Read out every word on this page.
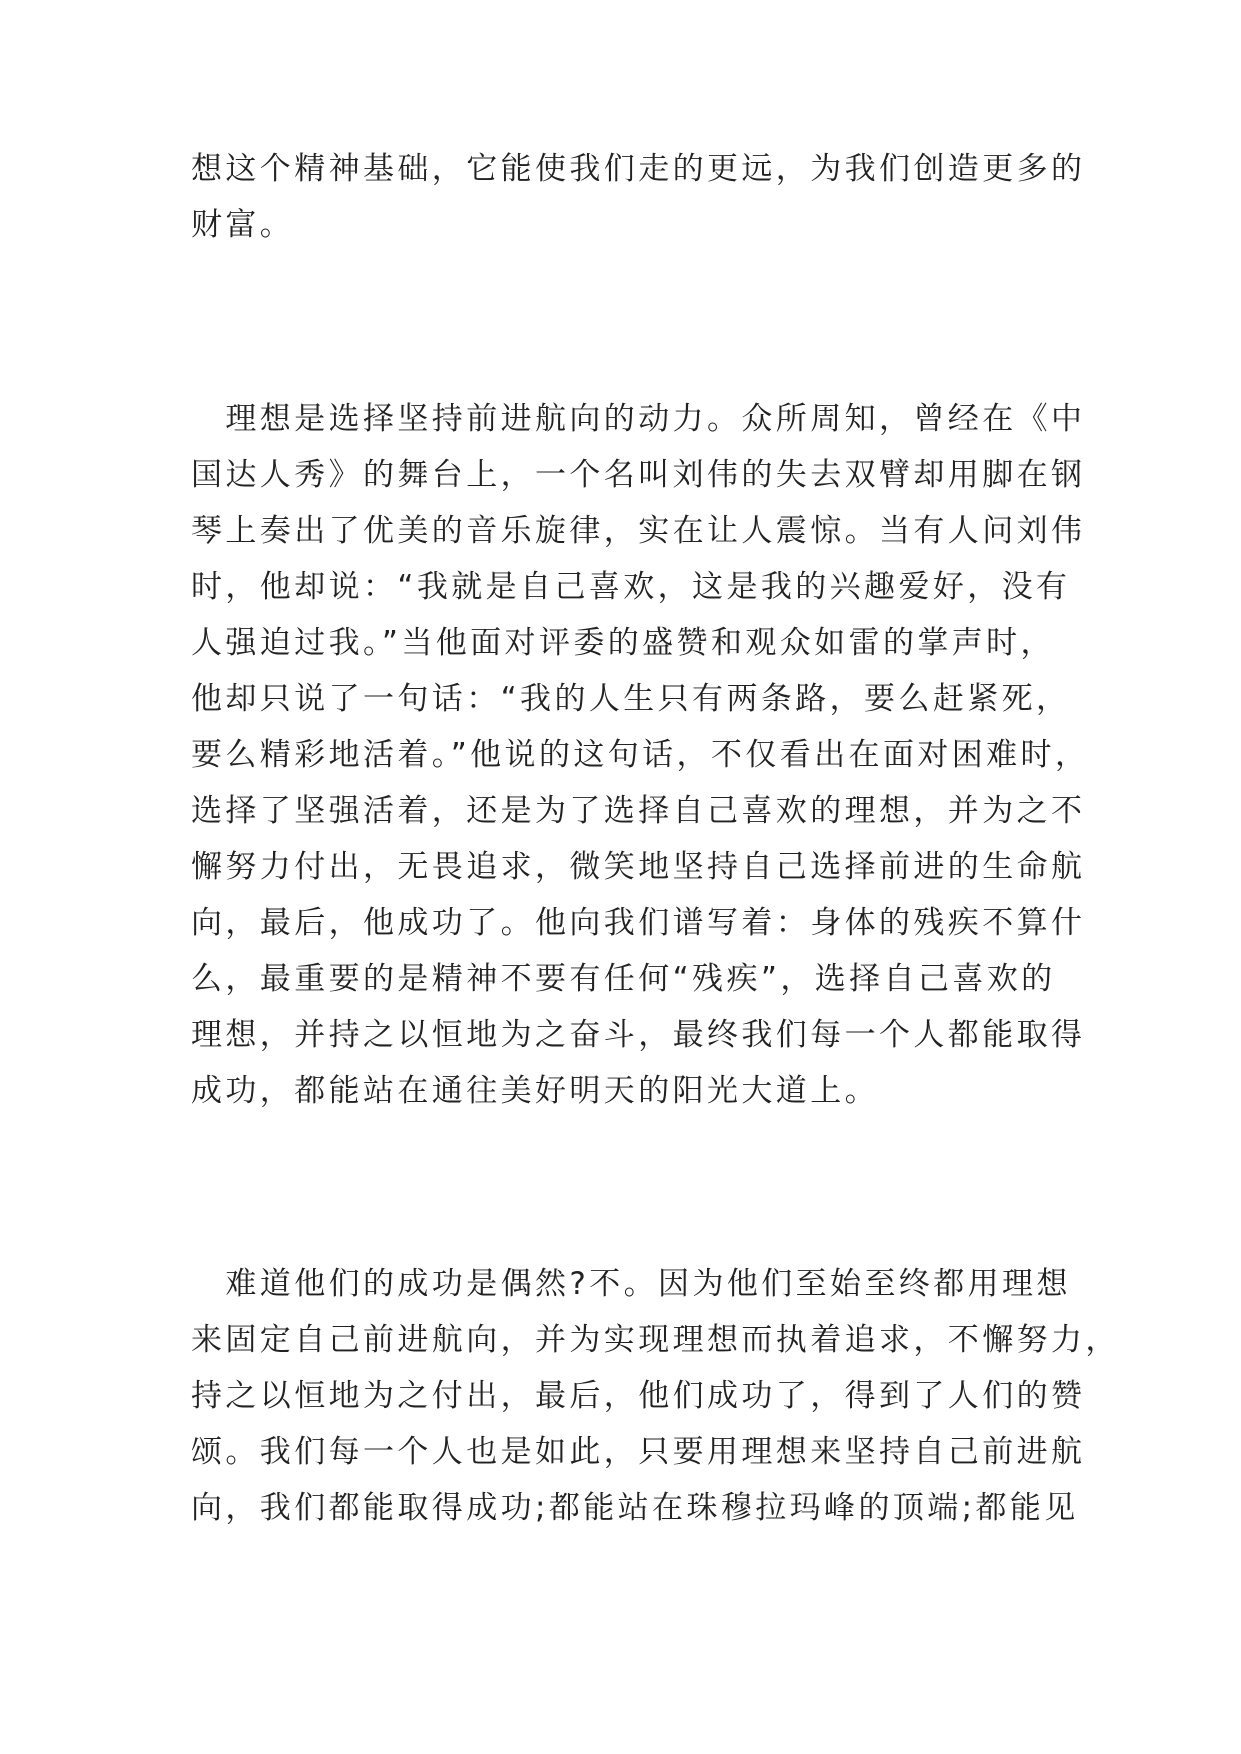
想这个精神基础，它能使我们走的更远，为我们创造更多的
财富。
　理想是选择坚持前进航向的动力。众所周知，曾经在《中
国达人秀》的舞台上，一个名叫刘伟的失去双臂却用脚在钢
琴上奏出了优美的音乐旋律，实在让人震惊。当有人问刘伟
时，他却说：“我就是自己喜欢，这是我的兴趣爱好，没有
人强迫过我。”当他面对评委的盛赞和观众如雷的掌声时，
他却只说了一句话：“我的人生只有两条路，要么赶紧死，
要么精彩地活着。”他说的这句话，不仅看出在面对困难时，
选择了坚强活着，还是为了选择自己喜欢的理想，并为之不
懈努力付出，无畏追求，微笑地坚持自己选择前进的生命航
向，最后，他成功了。他向我们谱写着：身体的残疾不算什
么，最重要的是精神不要有任何“残疾”，选择自己喜欢的
理想，并持之以恒地为之奋斗，最终我们每一个人都能取得
成功，都能站在通往美好明天的阳光大道上。
　难道他们的成功是偶然?不。因为他们至始至终都用理想
来固定自己前进航向，并为实现理想而执着追求，不懈努力，
持之以恒地为之付出，最后，他们成功了，得到了人们的赞
颂。我们每一个人也是如此，只要用理想来坚持自己前进航
向，我们都能取得成功;都能站在珠穆拉玛峰的顶端;都能见
